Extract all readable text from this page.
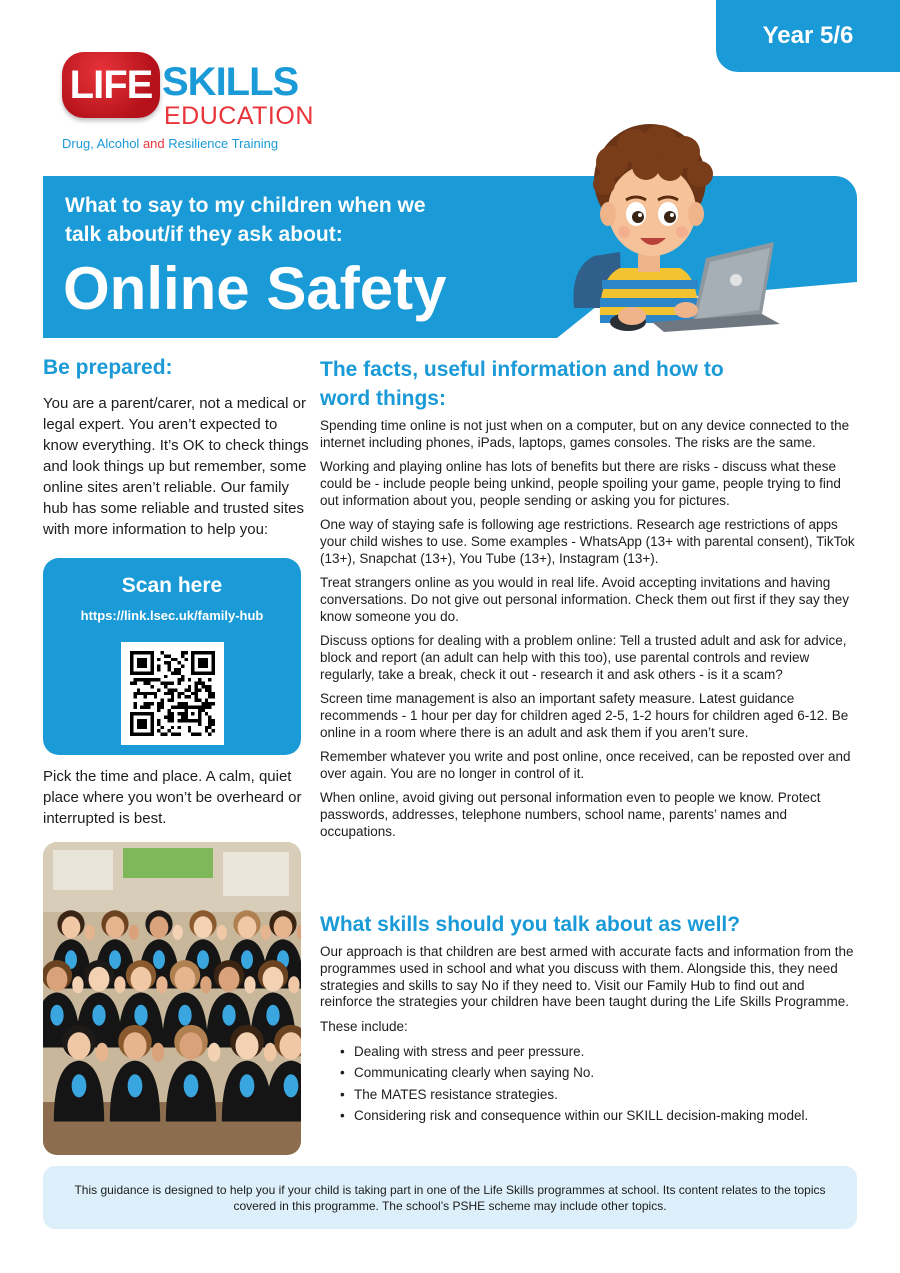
Year 5/6
LIFE SKILLS
EDUCATION
Drug, Alcohol and Resilience Training
What to say to my children when we talk about/if they ask about:
Online Safety
Be prepared:
You are a parent/carer, not a medical or legal expert. You aren’t expected to know everything. It’s OK to check things and look things up but remember, some online sites aren’t reliable. Our family hub has some reliable and trusted sites with more information to help you:
Scan here
https://link.lsec.uk/family-hub
Pick the time and place. A calm, quiet place where you won’t be overheard or interrupted is best.
The facts, useful information and how to word things:

Spending time online is not just when on a computer, but on any device connected to the internet including phones, iPads, laptops, games consoles. The risks are the same.

Working and playing online has lots of benefits but there are risks - discuss what these could be - include people being unkind, people spoiling your game, people trying to find out information about you, people sending or asking you for pictures.

One way of staying safe is following age restrictions. Research age restrictions of apps your child wishes to use. Some examples - WhatsApp (13+ with parental consent), TikTok (13+), Snapchat (13+), You Tube (13+), Instagram (13+).

Treat strangers online as you would in real life. Avoid accepting invitations and having conversations. Do not give out personal information. Check them out first if they say they know someone you do.

Discuss options for dealing with a problem online: Tell a trusted adult and ask for advice, block and report (an adult can help with this too), use parental controls and review regularly, take a break, check it out - research it and ask others - is it a scam?

Screen time management is also an important safety measure. Latest guidance recommends - 1 hour per day for children aged 2-5, 1-2 hours for children aged 6-12. Be online in a room where there is an adult and ask them if you aren’t sure.

Remember whatever you write and post online, once received, can be reposted over and over again. You are no longer in control of it.

When online, avoid giving out personal information even to people we know. Protect passwords, addresses, telephone numbers, school name, parents’ names and occupations.

What skills should you talk about as well?

Our approach is that children are best armed with accurate facts and information from the programmes used in school and what you discuss with them. Alongside this, they need strategies and skills to say No if they need to. Visit our Family Hub to find out and reinforce the strategies your children have been taught during the Life Skills Programme.

These include:

• Dealing with stress and peer pressure.
• Communicating clearly when saying No.
• The MATES resistance strategies.
• Considering risk and consequence within our SKILL decision-making model.
This guidance is designed to help you if your child is taking part in one of the Life Skills programmes at school. Its content relates to the topics covered in this programme. The school’s PSHE scheme may include other topics.
